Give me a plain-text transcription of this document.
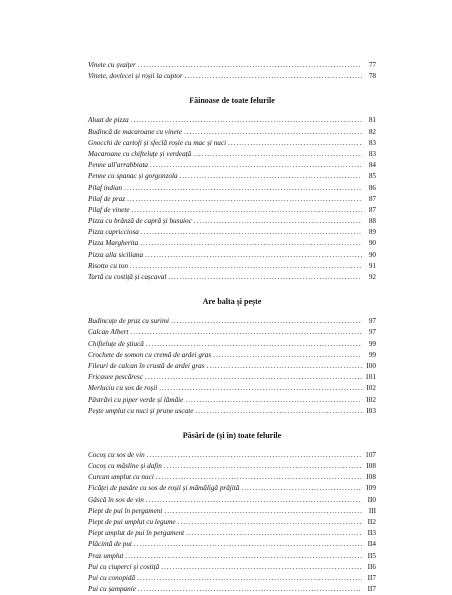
Vinete cu șvaițer .....	77
Vinete, dovlecei și roșii la cuptor .....	78
Făinoase de toate felurile
Aluat de pizza .....	81
Budincă de macaroane cu vinete .....	82
Gnocchi de cartofi și sfeclă roșie cu mac și nuci .....	83
Macaroane cu chifteluțe și verdeață .....	83
Penne all'arrabbiata .....	84
Penne cu spanac și gorgonzola .....	85
Pilaf indian .....	86
Pilaf de praz .....	87
Pilaf de vinete .....	87
Pizza cu brânză de capră și busuioc .....	88
Pizza capricciosa .....	89
Pizza Margherita .....	90
Pizza alla siciliana .....	90
Risotto cu ton .....	91
Tartă cu costiță și cașcaval .....	92
Are balta și pește
Budincuțe de praz cu surimi .....	97
Calcan Albert .....	97
Chifteluțe de știucă .....	99
Crochete de somon cu cremă de ardei gras .....	99
Fileuri de calcan în crustă de ardei gras .....	I00
Fricasee pescăresc .....	101
Merluciu cu sos de roșii .....	I02
Păstrăvi cu piper verde și lămâie .....	I02
Pește umplut cu nuci și prune uscate .....	I03
Păsări de (și în) toate felurile
Cocoș cu sos de vin .....	107
Cocoș cu măsline și dafin .....	I08
Curcan umplut cu nuci .....	I08
Ficăței de pasăre cu sos de roșii și mămăligă prăjită .....	I09
Gâscă în sos de vin .....	II0
Piept de pui în pergament .....	III
Piept de pui umplut cu legume .....	II2
Piept umplut de pui în pergament .....	II3
Plăcintă de pui .....	II4
Praz umplut .....	II5
Pui cu ciuperci și costiță .....	II6
Pui cu conopidă .....	II7
Pui cu șampanie .....	II7
